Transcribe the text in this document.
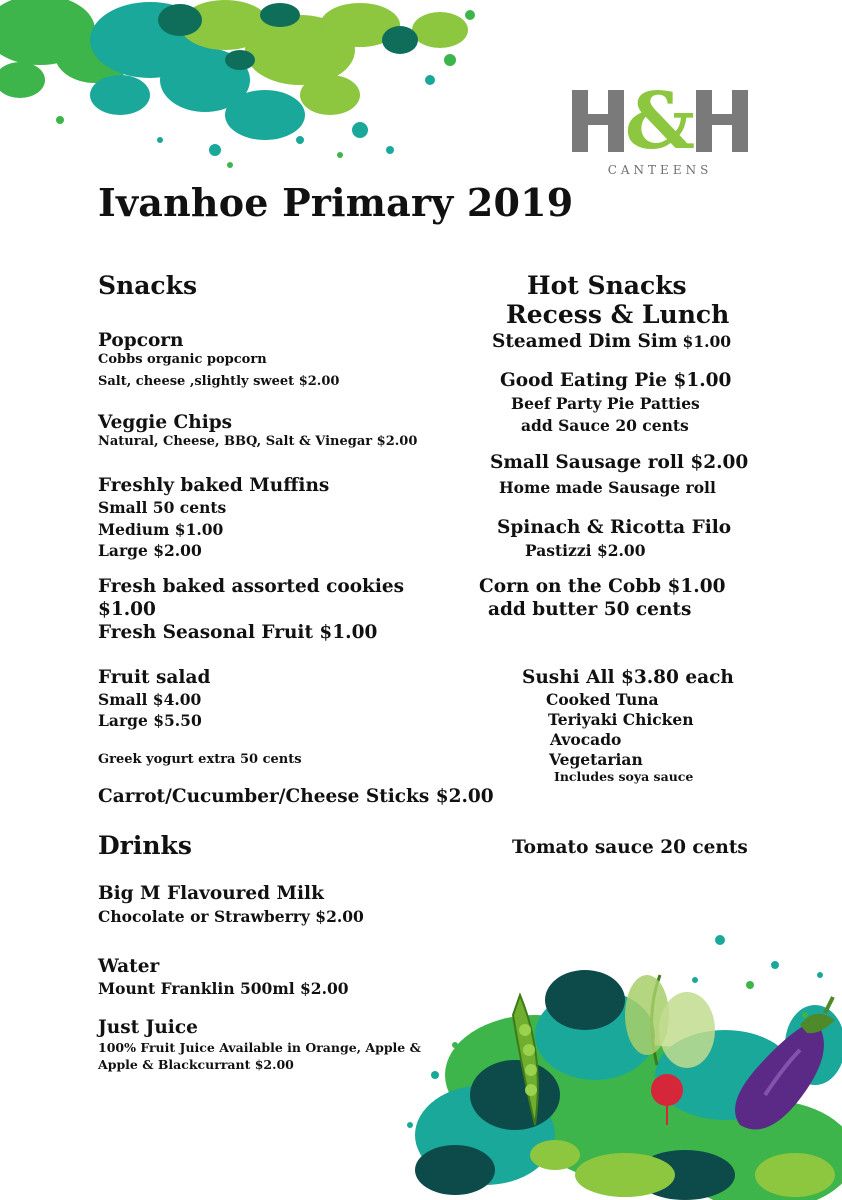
&
CANTEENS
Ivanhoe Primary 2019
Snacks
Popcorn
Cobbs organic popcorn
Salt, cheese ,slightly sweet $2.00
Veggie Chips
Natural, Cheese, BBQ, Salt & Vinegar $2.00
Freshly baked Muffins
Small 50 cents
Medium $1.00
Large $2.00
Fresh baked assorted cookies
$1.00
Fresh Seasonal Fruit $1.00
Fruit salad
Small $4.00
Large $5.50
Greek yogurt extra 50 cents
Carrot/Cucumber/Cheese Sticks $2.00
Drinks
Big M Flavoured Milk
Chocolate or Strawberry $2.00
Water
Mount Franklin 500ml $2.00
Just Juice
100% Fruit Juice Available in Orange, Apple &
Apple & Blackcurrant $2.00
Hot Snacks
Recess & Lunch
Steamed Dim Sim $1.00
Good Eating Pie $1.00
Beef Party Pie Patties
add Sauce 20 cents
Small Sausage roll $2.00
Home made Sausage roll
Spinach & Ricotta Filo
Pastizzi $2.00
Corn on the Cobb $1.00
add butter 50 cents
Sushi All $3.80 each
Cooked Tuna
Teriyaki Chicken
Avocado
Vegetarian
Includes soya sauce
Tomato sauce 20 cents
